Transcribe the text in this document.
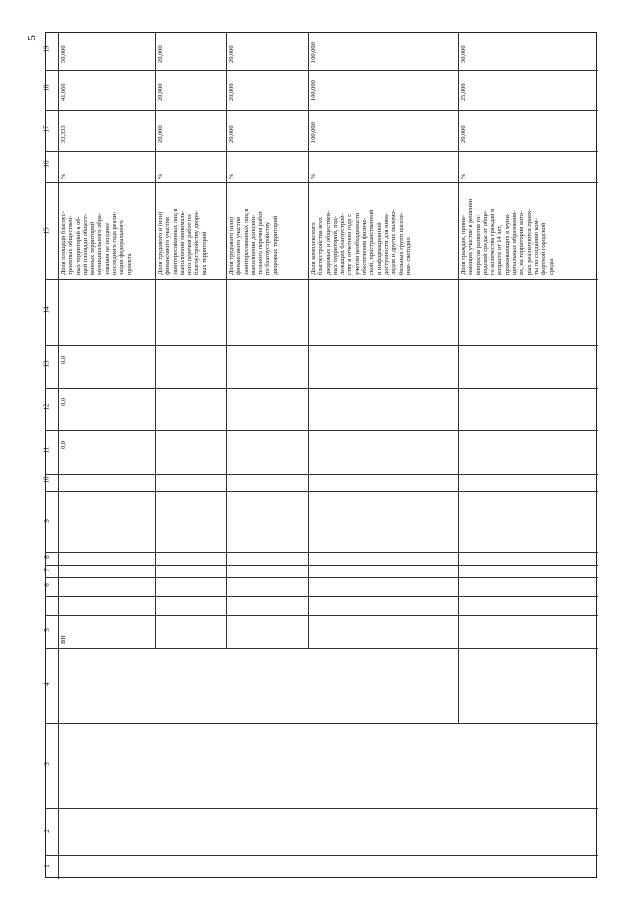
5
19
18
17
16
15
14
13
12
11
10
9
8
7
6
5
4
3
2
1
50,000
41,666
33,333
%
Доля площади благоус-
троенных обществен-
ных территорий к об-
щей площади общест-
венных территорий
муниципального обра-
зования не позднее
последнего года реали-
зации федерального
проекта
0,0
0,0
0,0
ВН
20,000
20,000
20,000
%
Доля трудового и (или)
финансового участия
заинтересованных лиц в
выполнении минималь-
ного перечня работ по
благоустройству дворо-
вых территорий
20,000
20,000
20,000
%
Доля трудового (или)
финансового участия
заинтересованных лиц в
выполнении дополни-
тельного перечня работ
по благоустройству
дворовых территорий
100,000
100,000
100,000
%
Доля комплексного
благоустройства всех
дворовых и обществен-
ных территорий, под-
лежащих благоустрой-
ству в отчетном году с
учетом необходимости
обеспечения физиче-
ской, пространственной
и информационной
доступности для инва-
лидов и других маломо-
бильных групп населе-
ния- светодио
30,000
25,000
20,000
%
Доля граждан, прини-
мающих участие в решении
вопросов развития го-
родской среды от обще-
го количества граждан в
возрасте от 14 лет,
проживающих в муни-
ципальных образовани-
ях, на территории кото-
рых реализуются проек-
ты по созданию ком-
фортной городской
среды
